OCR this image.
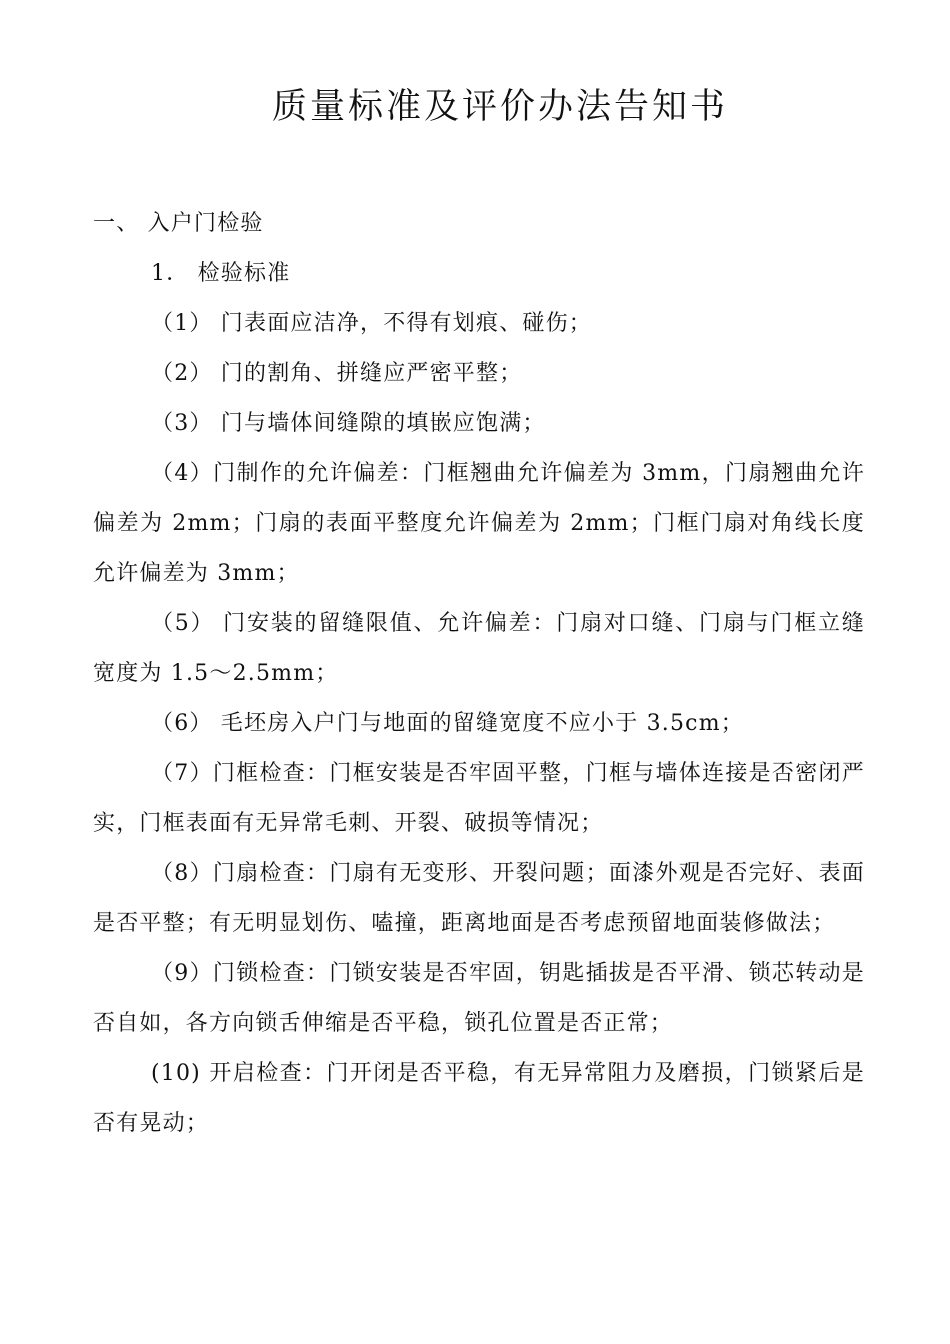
质量标准及评价办法告知书
一、 入户门检验
1． 检验标准
（1） 门表面应洁净，不得有划痕、碰伤；
（2） 门的割角、拼缝应严密平整；
（3） 门与墙体间缝隙的填嵌应饱满；
（4）门制作的允许偏差：门框翘曲允许偏差为 3mm，门扇翘曲允许偏差为 2mm；门扇的表面平整度允许偏差为 2mm；门框门扇对角线长度允许偏差为 3mm；
（5） 门安装的留缝限值、允许偏差：门扇对口缝、门扇与门框立缝宽度为 1.5～2.5mm；
（6） 毛坯房入户门与地面的留缝宽度不应小于 3.5cm；
（7）门框检查：门框安装是否牢固平整，门框与墙体连接是否密闭严实，门框表面有无异常毛刺、开裂、破损等情况；
（8）门扇检查：门扇有无变形、开裂问题；面漆外观是否完好、表面是否平整；有无明显划伤、嗑撞，距离地面是否考虑预留地面装修做法；
（9）门锁检查：门锁安装是否牢固，钥匙插拔是否平滑、锁芯转动是否自如，各方向锁舌伸缩是否平稳，锁孔位置是否正常；
(10) 开启检查：门开闭是否平稳，有无异常阻力及磨损，门锁紧后是否有晃动；
